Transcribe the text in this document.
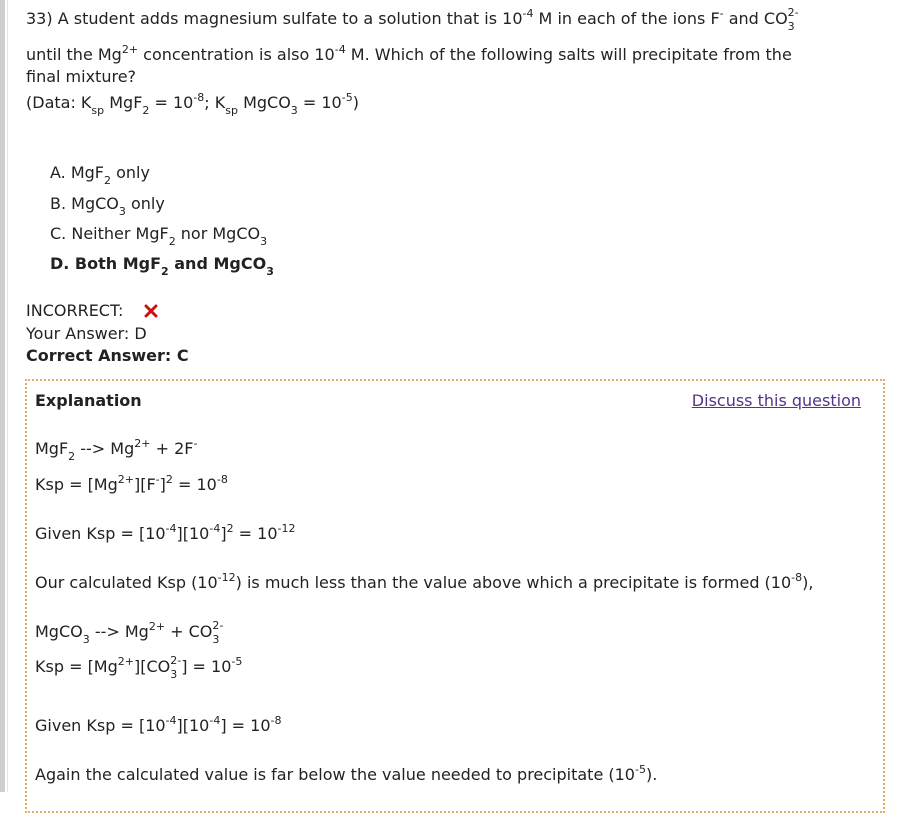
33) A student adds magnesium sulfate to a solution that is $10^{-4}$ M in each of the ions F- and $CO_3^{2-}$
until the $Mg^{2+}$ concentration is also $10^{-4}$ M. Which of the following salts will precipitate from the
final mixture?
(Data: $K_{sp}$ $MgF_2 = 10^{-8}$; $K_{sp}$ MgCO$_3$ = $10^{-5}$)
A. MgF$_2$ only
B. MgCO$_3$ only
C. Neither MgF$_2$ nor MgCO$_3$
D. Both MgF$_2$ and MgCO$_3$
INCORRECT:
Your Answer: D
Correct Answer: C
Explanation	Discuss this question
MgF$_2$ --> $Mg^{2+} + 2F^-$
Ksp = $[Mg^{2+}][F^-]^2 = 10^{-8}$
Given Ksp = $[10^{-4}][10^{-4}]^2 = 10^{-12}$
Our calculated Ksp $(10^{-12})$ is much less than the value above which a precipitate is formed $(10^{-8})$,
MgCO$_3$ --> $Mg^{2+} + CO_3^{2-}$
Ksp = $[Mg^{2+}][CO_3^{2-}] = 10^{-5}$
Given Ksp = $[10^{-4}][10^{-4}] = 10^{-8}$
Again the calculated value is far below the value needed to precipitate $(10^{-5})$.
